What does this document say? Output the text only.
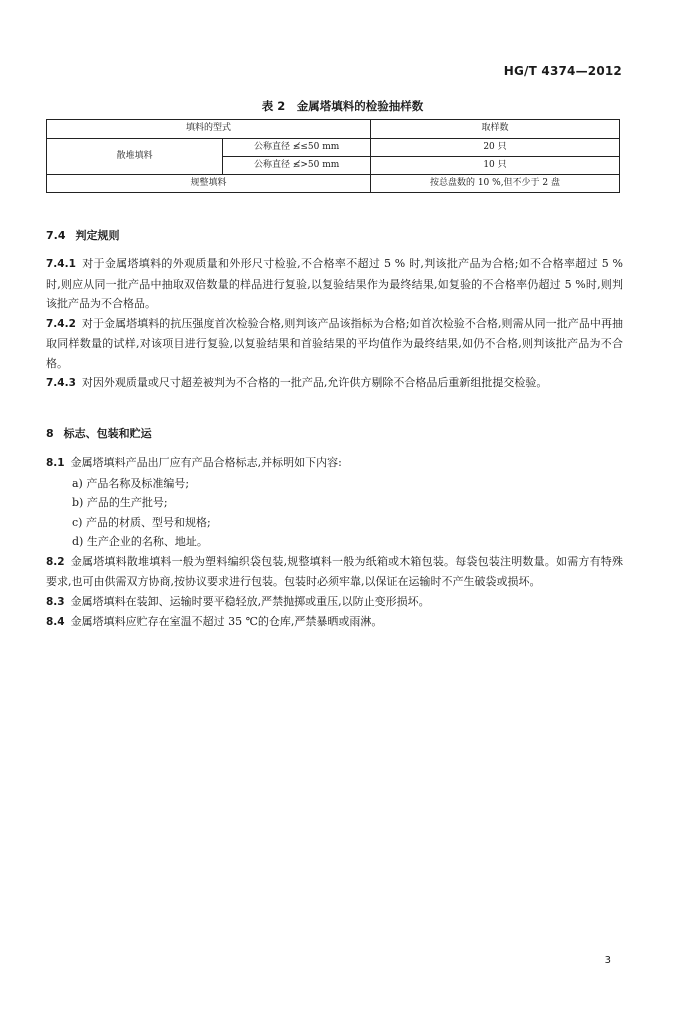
HG/T 4374—2012
表 2　金属塔填料的检验抽样数
填料的型式		取样数
散堆填料	公称直径 ≰≤50 mm	20 只
	公称直径 ≰>50 mm	10 只
规整填料		按总盘数的 10 %,但不少于 2 盘

7.4 判定规则

7.4.1 对于金属塔填料的外观质量和外形尺寸检验,不合格率不超过 5 % 时,判该批产品为合格;如不合格率超过 5 % 时,则应从同一批产品中抽取双倍数量的样品进行复验,以复验结果作为最终结果,如复验的不合格率仍超过 5 %时,则判该批产品为不合格品。

7.4.2 对于金属塔填料的抗压强度首次检验合格,则判该产品该指标为合格;如首次检验不合格,则需从同一批产品中再抽取同样数量的试样,对该项目进行复验,以复验结果和首验结果的平均值作为最终结果,如仍不合格,则判该批产品为不合格。

7.4.3 对因外观质量或尺寸超差被判为不合格的一批产品,允许供方剔除不合格品后重新组批提交检验。

8 标志、包装和贮运

8.1 金属塔填料产品出厂应有产品合格标志,并标明如下内容:

a) 产品名称及标准编号;

b) 产品的生产批号;

c) 产品的材质、型号和规格;

d) 生产企业的名称、地址。

8.2 金属塔填料散堆填料一般为塑料编织袋包装,规整填料一般为纸箱或木箱包装。每袋包装注明数量。如需方有特殊要求,也可由供需双方协商,按协议要求进行包装。包装时必须牢靠,以保证在运输时不产生破袋或损坏。

8.3 金属塔填料在装卸、运输时要平稳轻放,严禁抛掷或重压,以防止变形损坏。

8.4 金属塔填料应贮存在室温不超过 35 ℃的仓库,严禁暴晒或雨淋。

3
